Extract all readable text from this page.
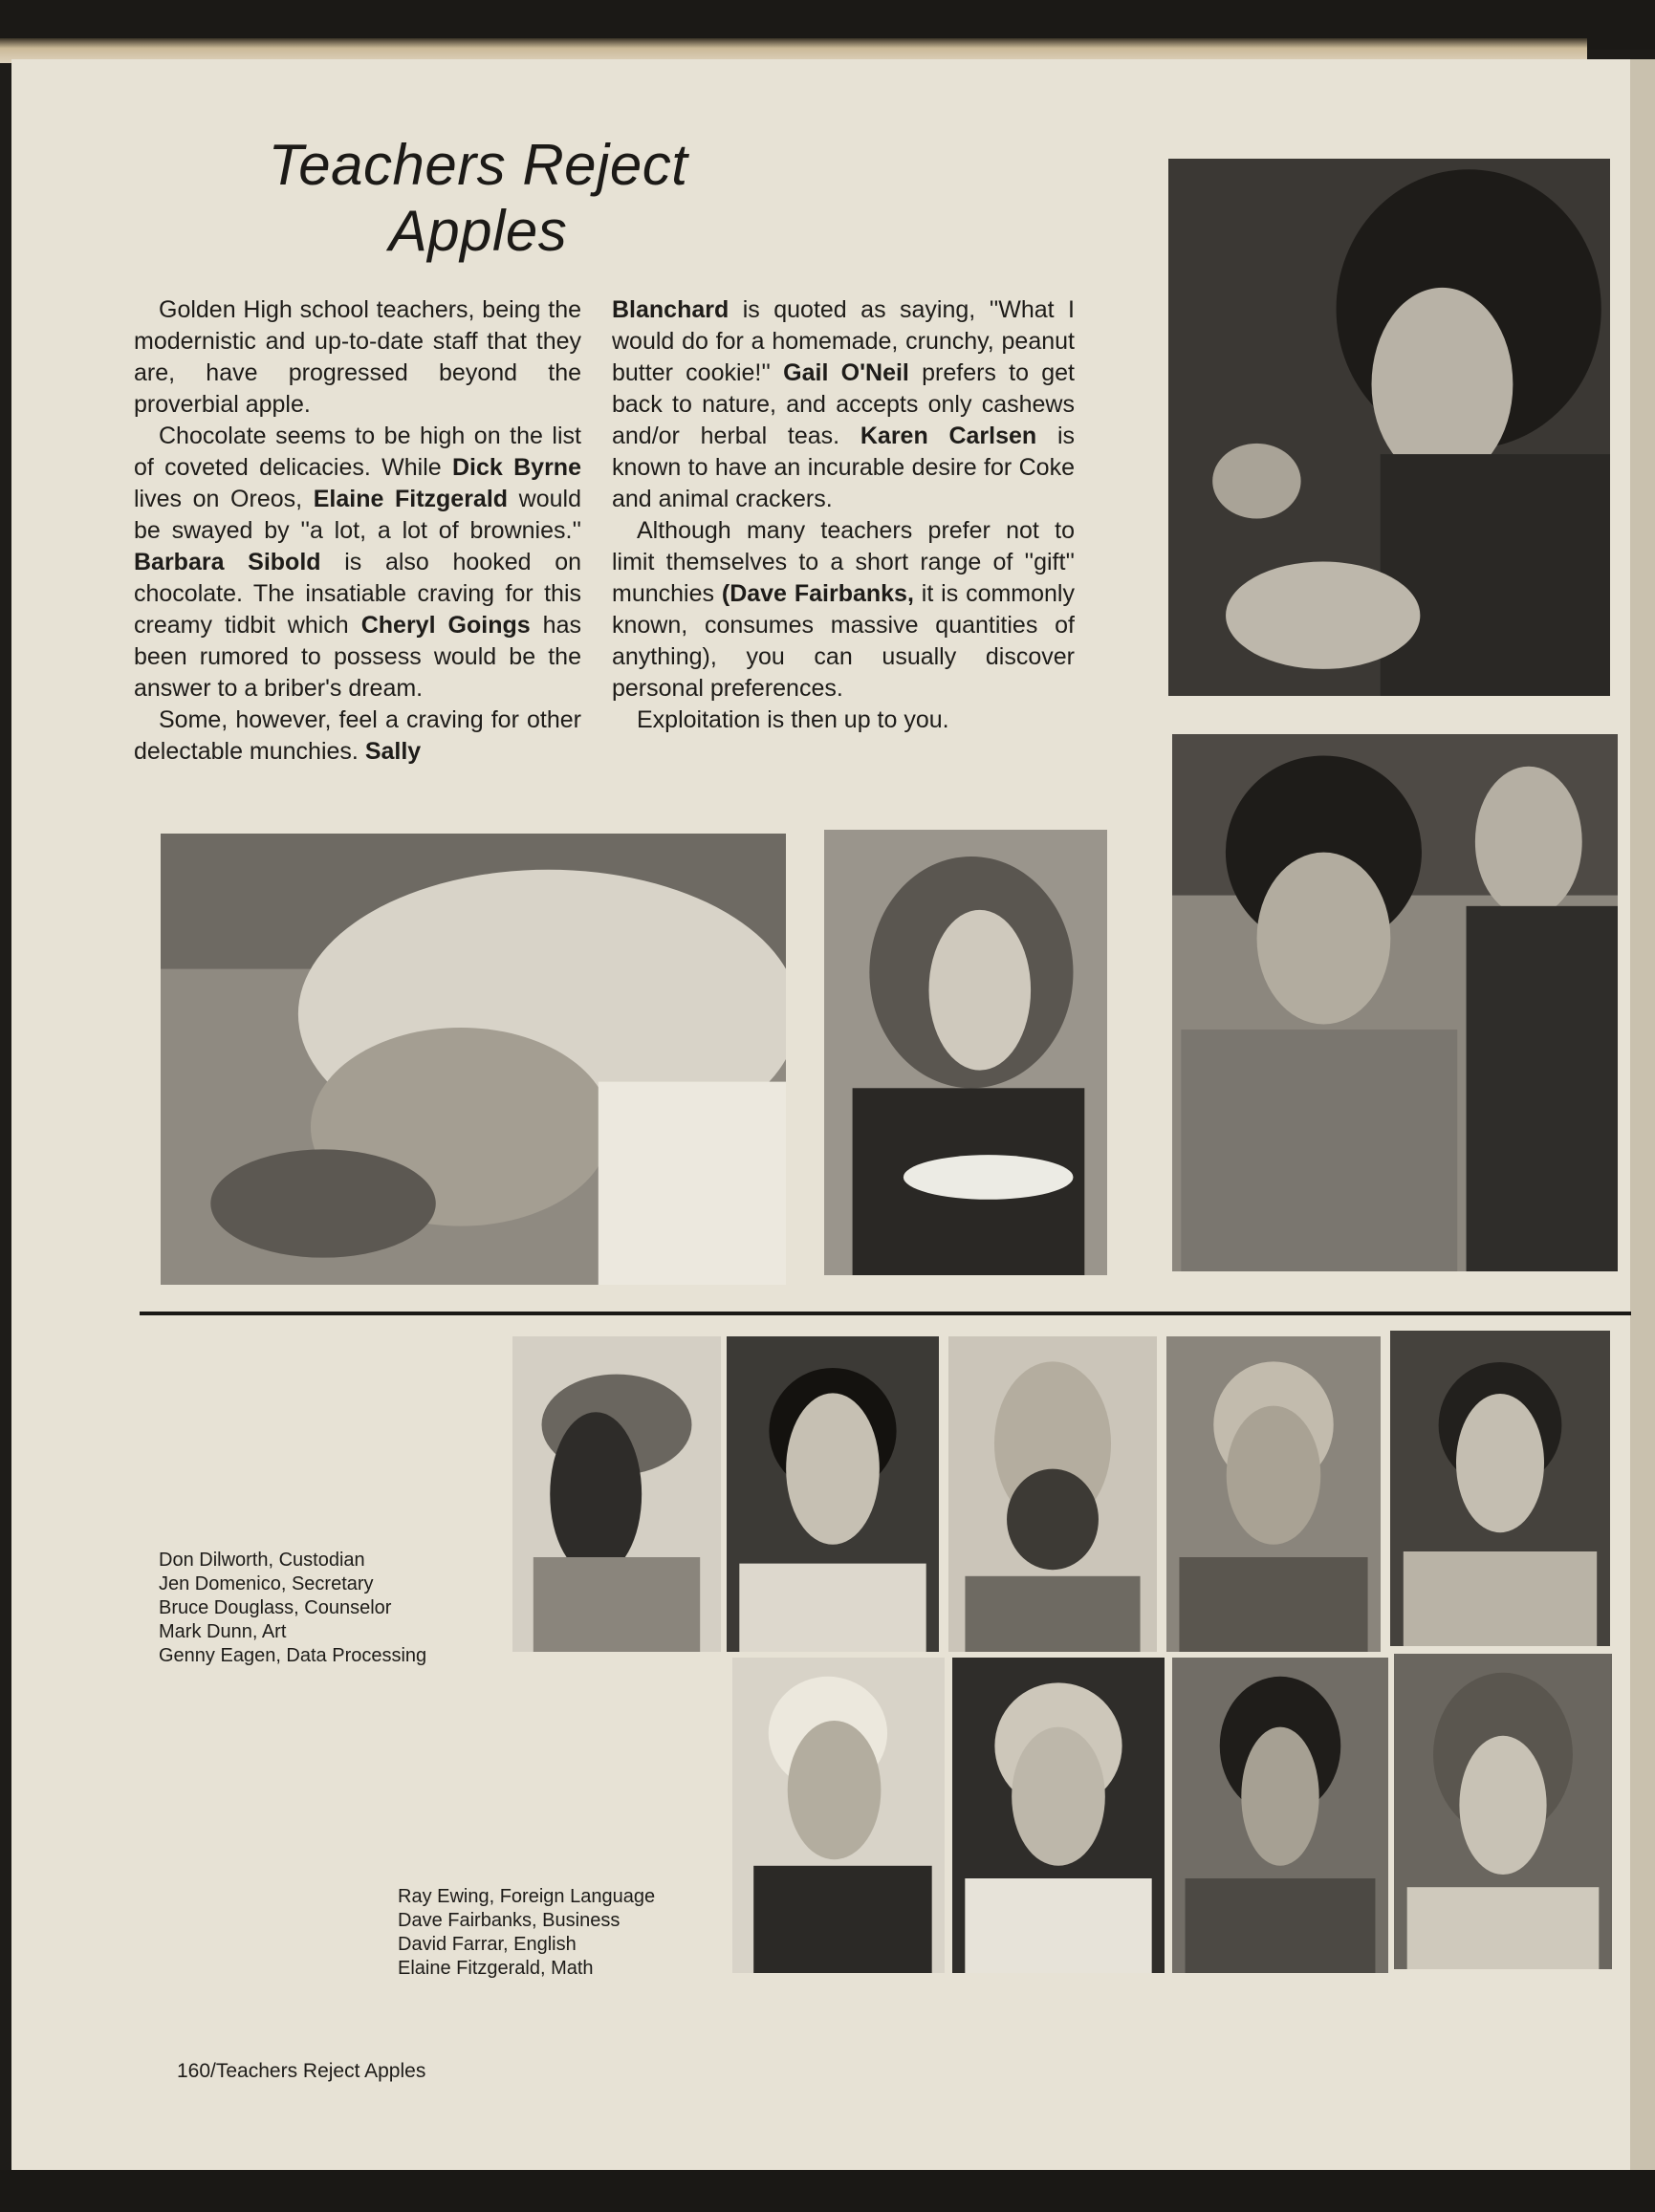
Teachers Reject Apples

Golden High school teachers, being the modernistic and up-to-date staff that they are, have progressed beyond the proverbial apple.

Chocolate seems to be high on the list of coveted delicacies. While Dick Byrne lives on Oreos, Elaine Fitzgerald would be swayed by ''a lot, a lot of brownies.'' Barbara Sibold is also hooked on chocolate. The insatiable craving for this creamy tidbit which Cheryl Goings has been rumored to possess would be the answer to a briber's dream.

Some, however, feel a craving for other delectable munchies. Sally

Blanchard is quoted as saying, ''What I would do for a homemade, crunchy, peanut butter cookie!'' Gail O'Neil prefers to get back to nature, and accepts only cashews and/or herbal teas. Karen Carlsen is known to have an incurable desire for Coke and animal crackers.

Although many teachers prefer not to limit themselves to a short range of ''gift'' munchies (Dave Fairbanks, it is commonly known, consumes massive quantities of anything), you can usually discover personal preferences.

Exploitation is then up to you.

Don Dilworth, Custodian
Jen Domenico, Secretary
Bruce Douglass, Counselor
Mark Dunn, Art
Genny Eagen, Data Processing
Ray Ewing, Foreign Language
Dave Fairbanks, Business
David Farrar, English
Elaine Fitzgerald, Math
160/Teachers Reject Apples
